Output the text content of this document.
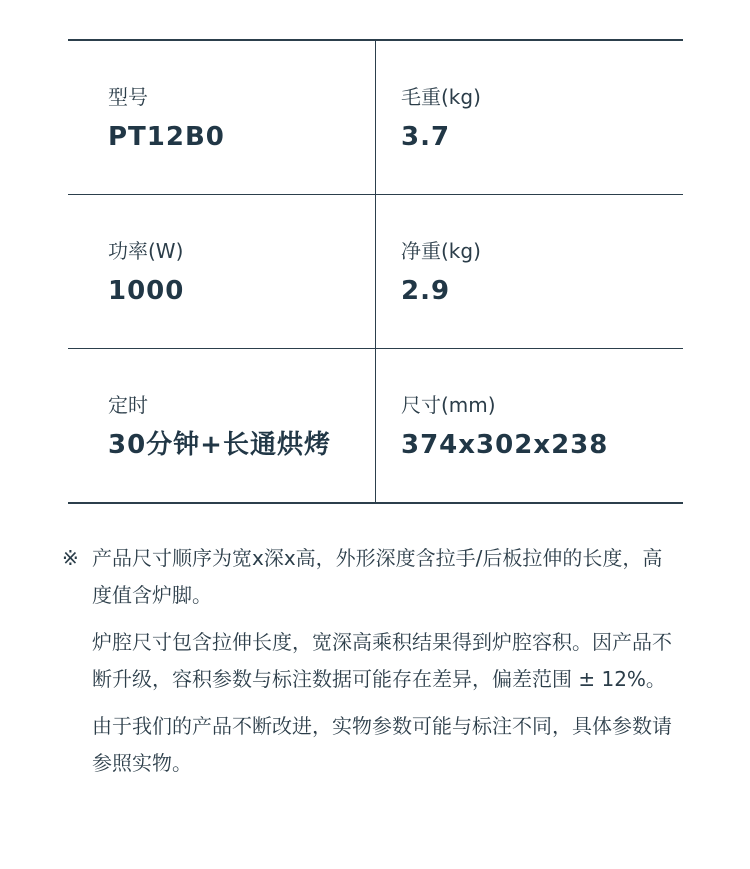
型号
PT12B0
毛重(kg)
3.7
功率(W)
1000
净重(kg)
2.9
定时
30分钟+长通烘烤
尺寸(mm)
374x302x238
※ 产品尺寸顺序为宽x深x高，外形深度含拉手/后板拉伸的长度，高度值含炉脚。
炉腔尺寸包含拉伸长度，宽深高乘积结果得到炉腔容积。因产品不断升级，容积参数与标注数据可能存在差异，偏差范围 ± 12%。
由于我们的产品不断改进，实物参数可能与标注不同，具体参数请参照实物。
